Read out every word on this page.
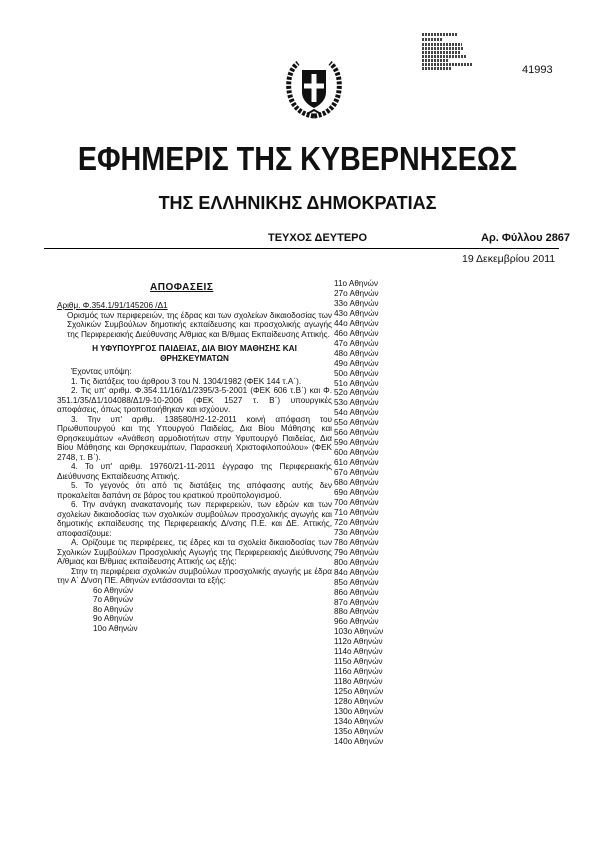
41993
ΕΦΗΜΕΡΙΣ ΤΗΣ ΚΥΒΕΡΝΗΣΕΩΣ
ΤΗΣ ΕΛΛΗΝΙΚΗΣ ΔΗΜΟΚΡΑΤΙΑΣ
ΤΕΥΧΟΣ ΔΕΥΤΕΡΟ	Αρ. Φύλλου 2867
19 Δεκεμβρίου 2011
ΑΠΟΦΑΣΕΙΣ

Αριθμ. Φ.354.1/91/145206 /Δ1

Ορισμός των περιφερειών, της έδρας και των σχολείων δικαιοδοσίας των Σχολικών Συμβούλων δημοτικής εκπαίδευσης και προσχολικής αγωγής της Περιφερειακής Διεύθυνσης Α/θμιας και Β/θμιας Εκπαίδευσης Αττικής.

Η ΥΦΥΠΟΥΡΓΟΣ ΠΑΙΔΕΙΑΣ, ΔΙΑ ΒΙΟΥ ΜΑΘΗΣΗΣ ΚΑΙ ΘΡΗΣΚΕΥΜΑΤΩΝ

Έχοντας υπόψη:

1. Τις διατάξεις του άρθρου 3 του Ν. 1304/1982 (ΦΕΚ 144 τ.Α΄).

2. Τις υπ' αριθμ. Φ.354.11/16/Δ1/2395/3-5-2001 (ΦΕΚ 606 τ.Β΄) και Φ. 351.1/35/Δ1/104088/Δ1/9-10-2006 (ΦΕΚ 1527 τ. Β΄) υπουργικές αποφάσεις, όπως τροποποιήθηκαν και ισχύουν.

3. Την υπ' αριθμ. 138580/Η2-12-2011 κοινή απόφαση του Πρωθυπουργού και της Υπουργού Παιδείας, Δια Βίου Μάθησης και Θρησκευμάτων «Ανάθεση αρμοδιοτήτων στην Υφυπουργό Παιδείας, Δια Βίου Μάθησης και Θρησκευμάτων, Παρασκευή Χριστοφιλοπούλου» (ΦΕΚ 2748, τ. Β΄).

4. Το υπ' αριθμ. 19760/21-11-2011 έγγραφο της Περιφερειακής Διεύθυνσης Εκπαίδευσης Αττικής.

5. Το γεγονός ότι από τις διατάξεις της απόφασης αυτής δεν προκαλείται δαπάνη σε βάρος του κρατικού προϋπολογισμού.

6. Την ανάγκη ανακατανομής των περιφερειών, των εδρών και των σχολείων δικαιοδοσίας των σχολικών συμβούλων προσχολικής αγωγής και δημοτικής εκπαίδευσης της Περιφερειακής Δ/νσης Π.Ε. και ΔΕ. Αττικής, αποφασίζουμε:

Α. Ορίζουμε τις περιφέρειες, τις έδρες και τα σχολεία δικαιοδοσίας των Σχολικών Συμβούλων Προσχολικής Αγωγής της Περιφερειακής Διεύθυνσης Α/θμιας και Β/θμιας εκπαίδευσης Αττικής ως εξής:

Στην τη περιφέρεια σχολικών συμβούλων προσχολικής αγωγής με έδρα την Α΄ Δ/νση ΠΕ. Αθηνών εντάσσονται τα εξής:

6ο Αθηνών

7ο Αθηνών

8ο Αθηνών

9ο Αθηνών

10ο Αθηνών

11ο Αθηνών
27ο Αθηνών
33ο Αθηνών
43ο Αθηνών
44ο Αθηνών
46ο Αθηνών
47ο Αθηνών
48ο Αθηνών
49ο Αθηνών
50ο Αθηνών
51ο Αθηνών
52ο Αθηνών
53ο Αθηνών
54ο Αθηνών
55ο Αθηνών
56ο Αθηνών
59ο Αθηνών
60ο Αθηνών
61ο Αθηνών
67ο Αθηνών
68ο Αθηνών
69ο Αθηνών
70ο Αθηνών
71ο Αθηνών
72ο Αθηνών
73ο Αθηνών
78ο Αθηνών
79ο Αθηνών
80ο Αθηνών
84ο Αθηνών
85ο Αθηνών
86ο Αθηνών
87ο Αθηνών
88ο Αθηνών
96ο Αθηνών
103ο Αθηνών
112ο Αθηνών
114ο Αθηνών
115ο Αθηνών
116ο Αθηνών
118ο Αθηνών
125ο Αθηνών
128ο Αθηνών
130ο Αθηνών
134ο Αθηνών
135ο Αθηνών
140ο Αθηνών
